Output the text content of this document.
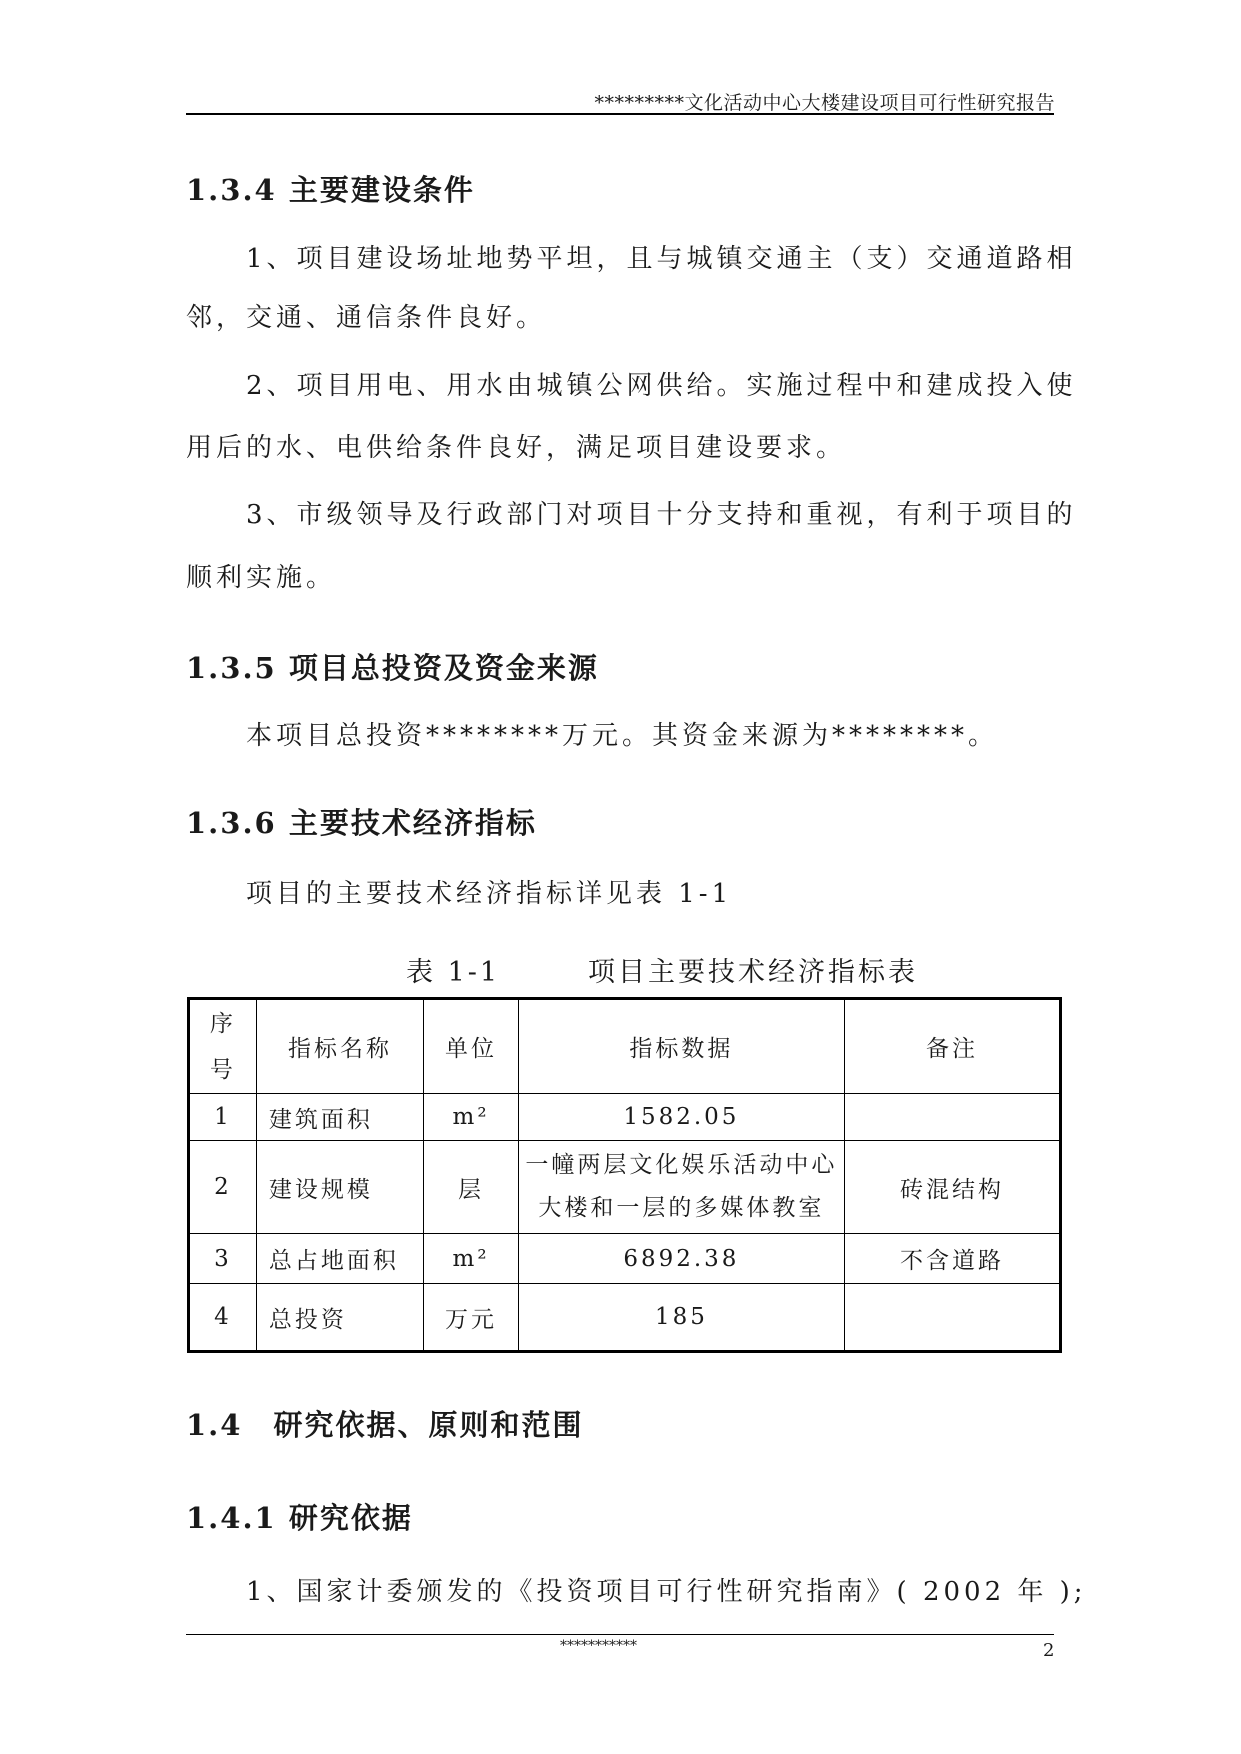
*********文化活动中心大楼建设项目可行性研究报告
1.3.4 主要建设条件
1、项目建设场址地势平坦，且与城镇交通主（支）交通道路相
邻，交通、通信条件良好。
2、项目用电、用水由城镇公网供给。实施过程中和建成投入使
用后的水、电供给条件良好，满足项目建设要求。
3、市级领导及行政部门对项目十分支持和重视，有利于项目的
顺利实施。
1.3.5 项目总投资及资金来源
本项目总投资********万元。其资金来源为********。
1.3.6 主要技术经济指标
项目的主要技术经济指标详见表 1-1
表 1-1	项目主要技术经济指标表
序号	指标名称	单位	指标数据	备注
1	建筑面积	m²	1582.05	
2	建设规模	层	一幢两层文化娱乐活动中心
大楼和一层的多媒体教室	砖混结构
3	总占地面积	m²	6892.38	不含道路
4	总投资	万元	185	
1.4　研究依据、原则和范围
1.4.1 研究依据
1、国家计委颁发的《投资项目可行性研究指南》( 2002 年 );
***********	2
